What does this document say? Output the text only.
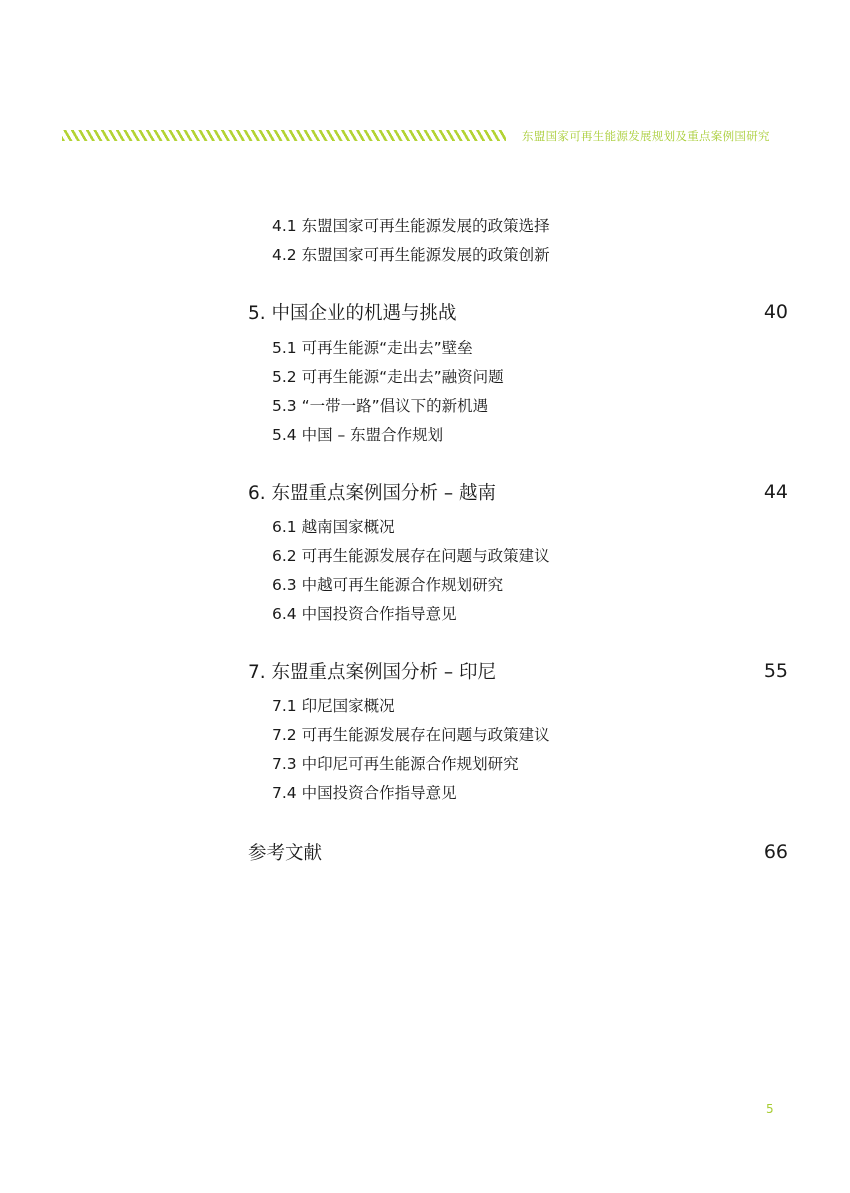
东盟国家可再生能源发展规划及重点案例国研究
4.1 东盟国家可再生能源发展的政策选择
4.2 东盟国家可再生能源发展的政策创新
5. 中国企业的机遇与挑战	40
5.1 可再生能源“走出去”壁垒
5.2 可再生能源“走出去”融资问题
5.3 “一带一路”倡议下的新机遇
5.4 中国 – 东盟合作规划
6. 东盟重点案例国分析 – 越南	44
6.1 越南国家概况
6.2 可再生能源发展存在问题与政策建议
6.3 中越可再生能源合作规划研究
6.4 中国投资合作指导意见
7. 东盟重点案例国分析 – 印尼	55
7.1 印尼国家概况
7.2 可再生能源发展存在问题与政策建议
7.3 中印尼可再生能源合作规划研究
7.4 中国投资合作指导意见
参考文献	66
5
